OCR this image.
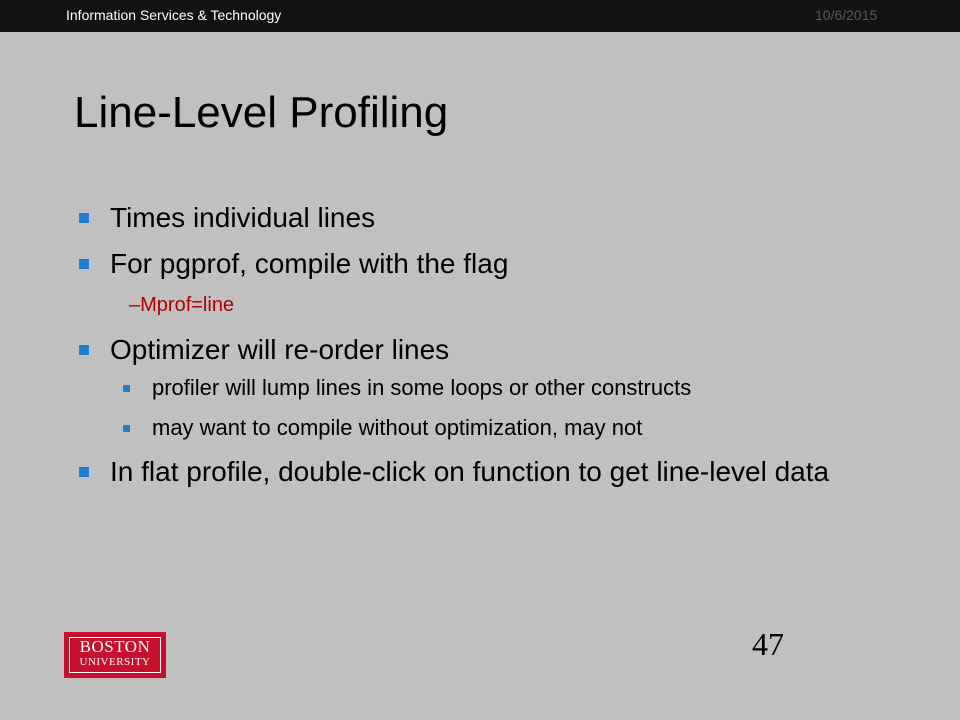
Information Services & Technology	10/6/2015
Line-Level Profiling
Times individual lines
For pgprof, compile with the flag
–Mprof=line
Optimizer will re-order lines
profiler will lump lines in some loops or other constructs
may want to compile without optimization, may not
In flat profile, double-click on function to get line-level data
BOSTON
UNIVERSITY	47
